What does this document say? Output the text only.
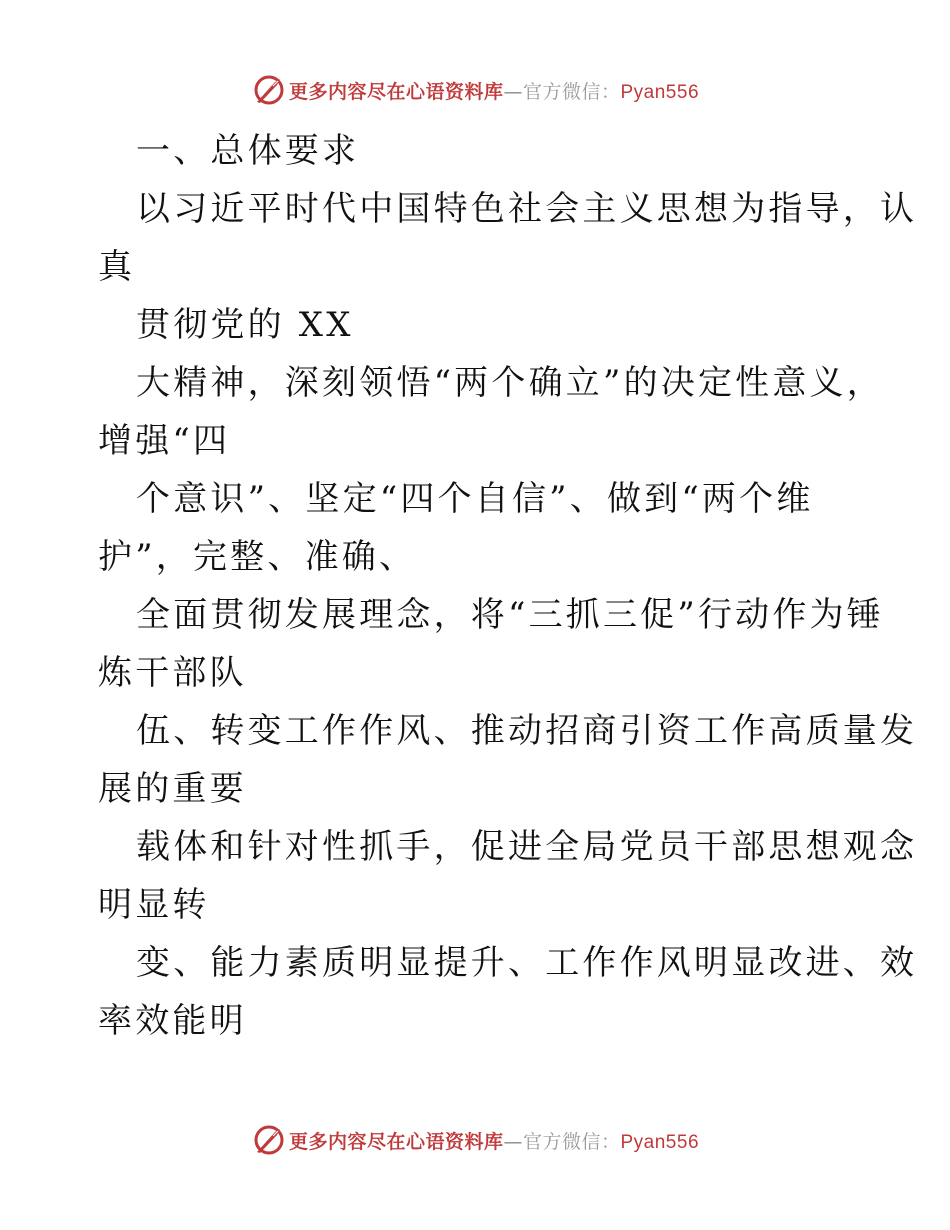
更多内容尽在心语资料库—官方微信：Pyan556
一、总体要求
以习近平时代中国特色社会主义思想为指导，认
真
贯彻党的 XX
大精神，深刻领悟“两个确立”的决定性意义，
增强“四
个意识”、坚定“四个自信”、做到“两个维
护”，完整、准确、
全面贯彻发展理念，将“三抓三促”行动作为锤
炼干部队
伍、转变工作作风、推动招商引资工作高质量发
展的重要
载体和针对性抓手，促进全局党员干部思想观念
明显转
变、能力素质明显提升、工作作风明显改进、效
率效能明
更多内容尽在心语资料库—官方微信：Pyan556
